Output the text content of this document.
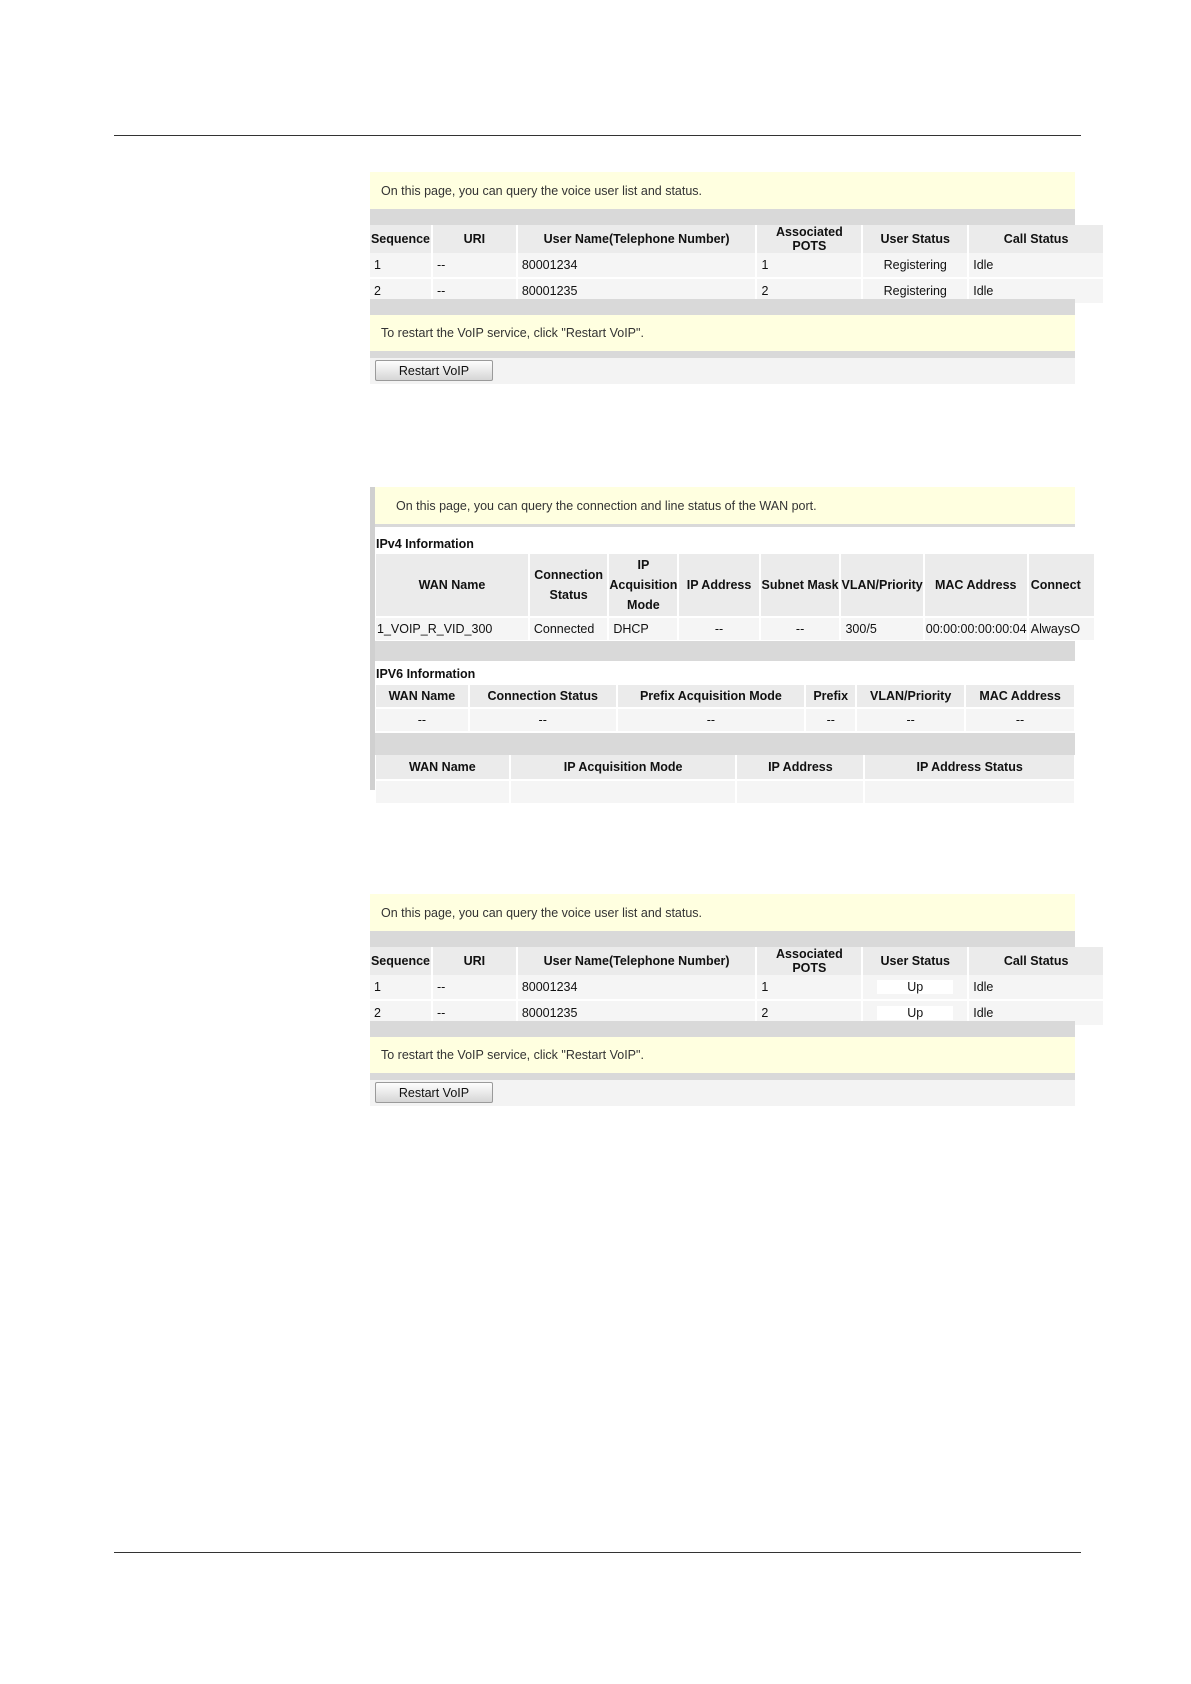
On this page, you can query the voice user list and status.
Sequence	URI	User Name(Telephone Number)	Associated POTS	User Status	Call Status
1	--	80001234	1	Registering	Idle
2	--	80001235	2	Registering	Idle
To restart the VoIP service, click "Restart VoIP".
Restart VoIP
On this page, you can query the connection and line status of the WAN port.
IPv4 Information
WAN Name	Connection Status	IP Acquisition Mode	IP Address	Subnet Mask	VLAN/Priority	MAC Address	Connect
1_VOIP_R_VID_300	Connected	DHCP	--	--	300/5	00:00:00:00:00:04	AlwaysO
IPV6 Information
WAN Name	Connection Status	Prefix Acquisition Mode	Prefix	VLAN/Priority	MAC Address
--	--	--	--	--	--
WAN Name	IP Acquisition Mode	IP Address	IP Address Status

On this page, you can query the voice user list and status.
Sequence	URI	User Name(Telephone Number)	Associated POTS	User Status	Call Status
1	--	80001234	1	Up	Idle
2	--	80001235	2	Up	Idle
To restart the VoIP service, click "Restart VoIP".
Restart VoIP
